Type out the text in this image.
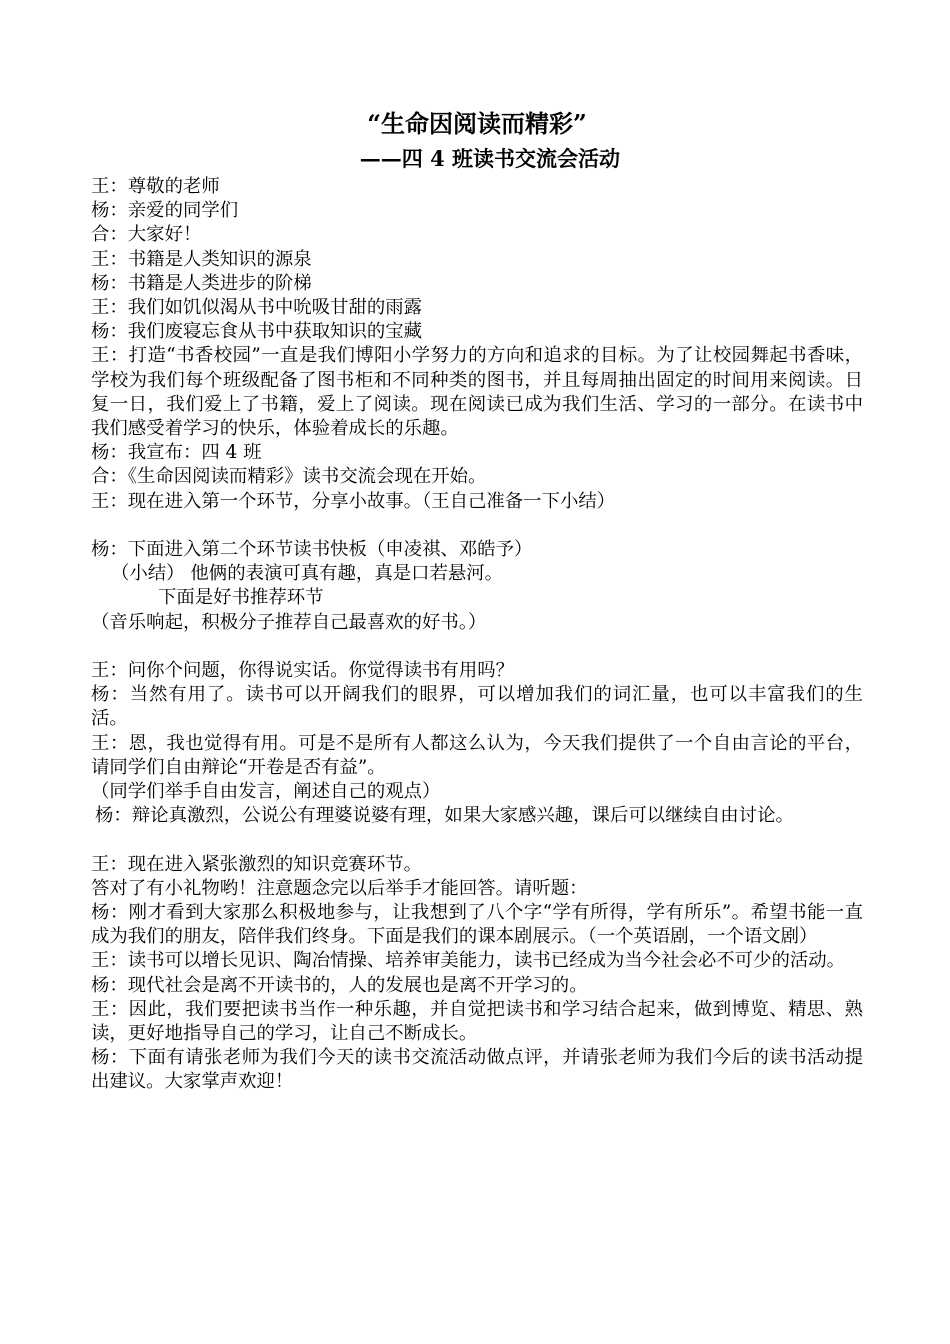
“生命因阅读而精彩”
——四 4 班读书交流会活动

王：尊敬的老师

杨：亲爱的同学们

合：大家好！

王：书籍是人类知识的源泉

杨：书籍是人类进步的阶梯

王：我们如饥似渴从书中吮吸甘甜的雨露

杨：我们废寝忘食从书中获取知识的宝藏

王：打造“书香校园”一直是我们博阳小学努力的方向和追求的目标。为了让校园舞起书香味，学校为我们每个班级配备了图书柜和不同种类的图书，并且每周抽出固定的时间用来阅读。日复一日，我们爱上了书籍，爱上了阅读。现在阅读已成为我们生活、学习的一部分。在读书中我们感受着学习的快乐，体验着成长的乐趣。

杨：我宣布：四 4 班

合：《生命因阅读而精彩》读书交流会现在开始。

王：现在进入第一个环节，分享小故事。（王自己准备一下小结）

杨：下面进入第二个环节读书快板（申凌祺、邓皓予）

（小结） 他俩的表演可真有趣，真是口若悬河。

下面是好书推荐环节

（音乐响起，积极分子推荐自己最喜欢的好书。）

王：问你个问题，你得说实话。你觉得读书有用吗？

杨：当然有用了。读书可以开阔我们的眼界，可以增加我们的词汇量，也可以丰富我们的生活。

王：恩，我也觉得有用。可是不是所有人都这么认为，今天我们提供了一个自由言论的平台，请同学们自由辩论“开卷是否有益”。

（同学们举手自由发言，阐述自己的观点）

杨：辩论真激烈，公说公有理婆说婆有理，如果大家感兴趣，课后可以继续自由讨论。

王：现在进入紧张激烈的知识竞赛环节。

答对了有小礼物哟！注意题念完以后举手才能回答。请听题：

杨：刚才看到大家那么积极地参与，让我想到了八个字“学有所得，学有所乐”。希望书能一直成为我们的朋友，陪伴我们终身。下面是我们的课本剧展示。（一个英语剧，一个语文剧）

王：读书可以增长见识、陶冶情操、培养审美能力，读书已经成为当今社会必不可少的活动。

杨：现代社会是离不开读书的，人的发展也是离不开学习的。

王：因此，我们要把读书当作一种乐趣，并自觉把读书和学习结合起来，做到博览、精思、熟读，更好地指导自己的学习，让自己不断成长。

杨：下面有请张老师为我们今天的读书交流活动做点评，并请张老师为我们今后的读书活动提出建议。大家掌声欢迎！
